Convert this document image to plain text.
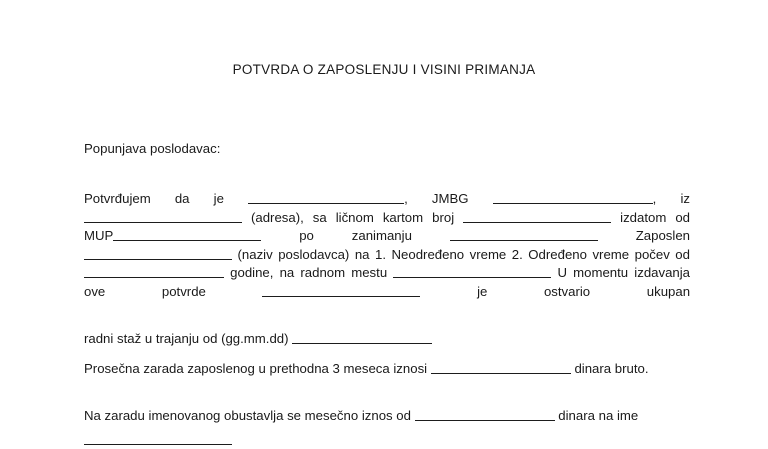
POTVRDA O ZAPOSLENJU I VISINI PRIMANJA
Popunjava poslodavac:

Potvrđujem da je	, JMBG	, iz  (adresa), sa ličnom kartom broj	izdatom od MUP	po	zanimanju	Zaposlen  (naziv poslodavca) na 1. Neodređeno vreme 2. Određeno vreme počev od  godine, na radnom mestu	U momentu izdavanja ove	potvrde	je	ostvario	ukupan

radni staž u trajanju od (gg.mm.dd)

Prosečna zarada zaposlenog u prethodna 3 meseca iznosi	dinara bruto.

Na zaradu imenovanog obustavlja se mesečno iznos od	dinara na ime
